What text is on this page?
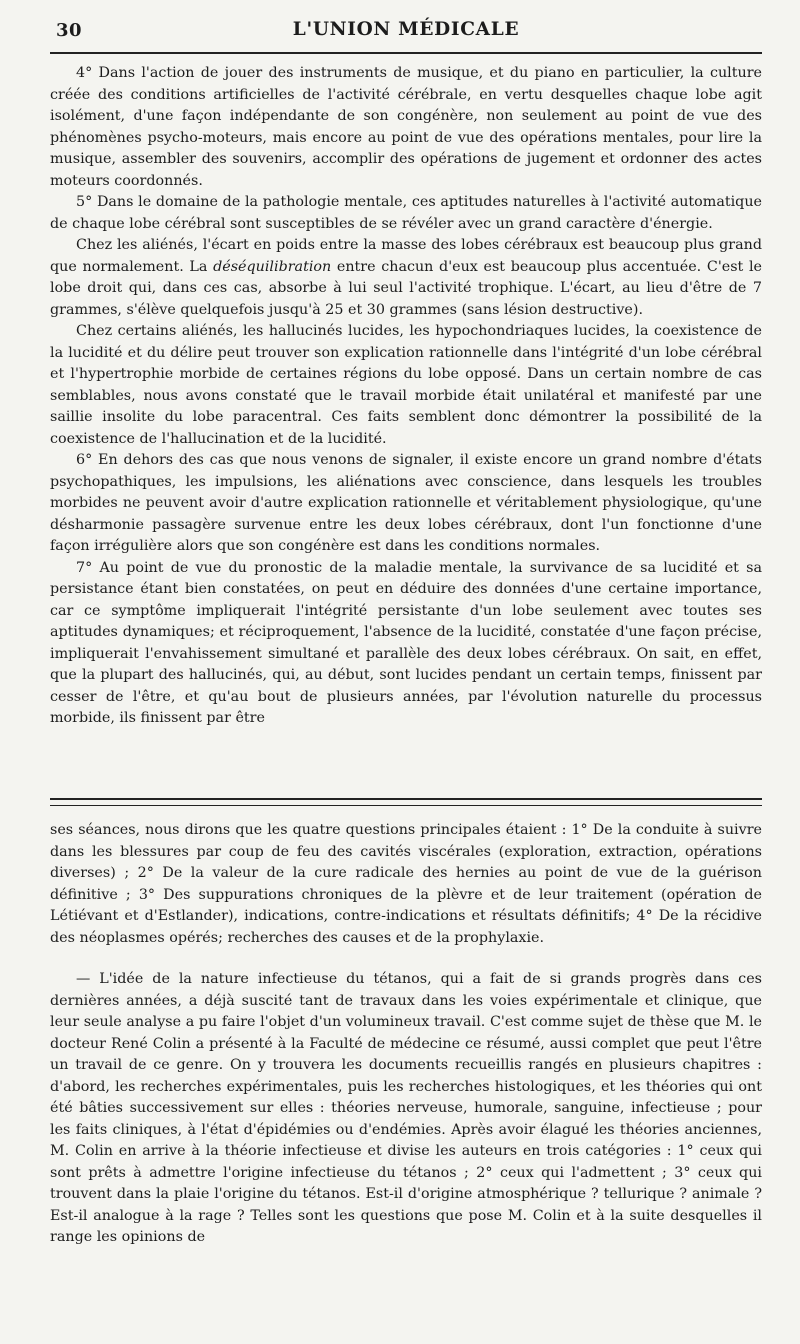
30	L'UNION MÉDICALE

4° Dans l'action de jouer des instruments de musique, et du piano en particulier, la culture créée des conditions artificielles de l'activité cérébrale, en vertu desquelles chaque lobe agit isolément, d'une façon indépendante de son congénère, non seulement au point de vue des phénomènes psycho-moteurs, mais encore au point de vue des opérations mentales, pour lire la musique, assembler des souvenirs, accomplir des opérations de jugement et ordonner des actes moteurs coordonnés.

5° Dans le domaine de la pathologie mentale, ces aptitudes naturelles à l'activité automatique de chaque lobe cérébral sont susceptibles de se révéler avec un grand caractère d'énergie.

Chez les aliénés, l'écart en poids entre la masse des lobes cérébraux est beaucoup plus grand que normalement. La déséquilibration entre chacun d'eux est beaucoup plus accentuée. C'est le lobe droit qui, dans ces cas, absorbe à lui seul l'activité trophique. L'écart, au lieu d'être de 7 grammes, s'élève quelquefois jusqu'à 25 et 30 grammes (sans lésion destructive).

Chez certains aliénés, les hallucinés lucides, les hypochondriaques lucides, la coexistence de la lucidité et du délire peut trouver son explication rationnelle dans l'intégrité d'un lobe cérébral et l'hypertrophie morbide de certaines régions du lobe opposé. Dans un certain nombre de cas semblables, nous avons constaté que le travail morbide était unilatéral et manifesté par une saillie insolite du lobe paracentral. Ces faits semblent donc démontrer la possibilité de la coexistence de l'hallucination et de la lucidité.

6° En dehors des cas que nous venons de signaler, il existe encore un grand nombre d'états psychopathiques, les impulsions, les aliénations avec conscience, dans lesquels les troubles morbides ne peuvent avoir d'autre explication rationnelle et véritablement physiologique, qu'une désharmonie passagère survenue entre les deux lobes cérébraux, dont l'un fonctionne d'une façon irrégulière alors que son congénère est dans les conditions normales.

7° Au point de vue du pronostic de la maladie mentale, la survivance de sa lucidité et sa persistance étant bien constatées, on peut en déduire des données d'une certaine importance, car ce symptôme impliquerait l'intégrité persistante d'un lobe seulement avec toutes ses aptitudes dynamiques; et réciproquement, l'absence de la lucidité, constatée d'une façon précise, impliquerait l'envahissement simultané et parallèle des deux lobes cérébraux. On sait, en effet, que la plupart des hallucinés, qui, au début, sont lucides pendant un certain temps, finissent par cesser de l'être, et qu'au bout de plusieurs années, par l'évolution naturelle du processus morbide, ils finissent par être

ses séances, nous dirons que les quatre questions principales étaient : 1° De la conduite à suivre dans les blessures par coup de feu des cavités viscérales (exploration, extraction, opérations diverses) ; 2° De la valeur de la cure radicale des hernies au point de vue de la guérison définitive ; 3° Des suppurations chroniques de la plèvre et de leur traitement (opération de Létiévant et d'Estlander), indications, contre-indications et résultats définitifs; 4° De la récidive des néoplasmes opérés; recherches des causes et de la prophylaxie.

— L'idée de la nature infectieuse du tétanos, qui a fait de si grands progrès dans ces dernières années, a déjà suscité tant de travaux dans les voies expérimentale et clinique, que leur seule analyse a pu faire l'objet d'un volumineux travail. C'est comme sujet de thèse que M. le docteur René Colin a présenté à la Faculté de médecine ce résumé, aussi complet que peut l'être un travail de ce genre. On y trouvera les documents recueillis rangés en plusieurs chapitres : d'abord, les recherches expérimentales, puis les recherches histologiques, et les théories qui ont été bâties successivement sur elles : théories nerveuse, humorale, sanguine, infectieuse ; pour les faits cliniques, à l'état d'épidémies ou d'endémies. Après avoir élagué les théories anciennes, M. Colin en arrive à la théorie infectieuse et divise les auteurs en trois catégories : 1° ceux qui sont prêts à admettre l'origine infectieuse du tétanos ; 2° ceux qui l'admettent ; 3° ceux qui trouvent dans la plaie l'origine du tétanos. Est-il d'origine atmosphérique ? tellurique ? animale ? Est-il analogue à la rage ? Telles sont les questions que pose M. Colin et à la suite desquelles il range les opinions de
